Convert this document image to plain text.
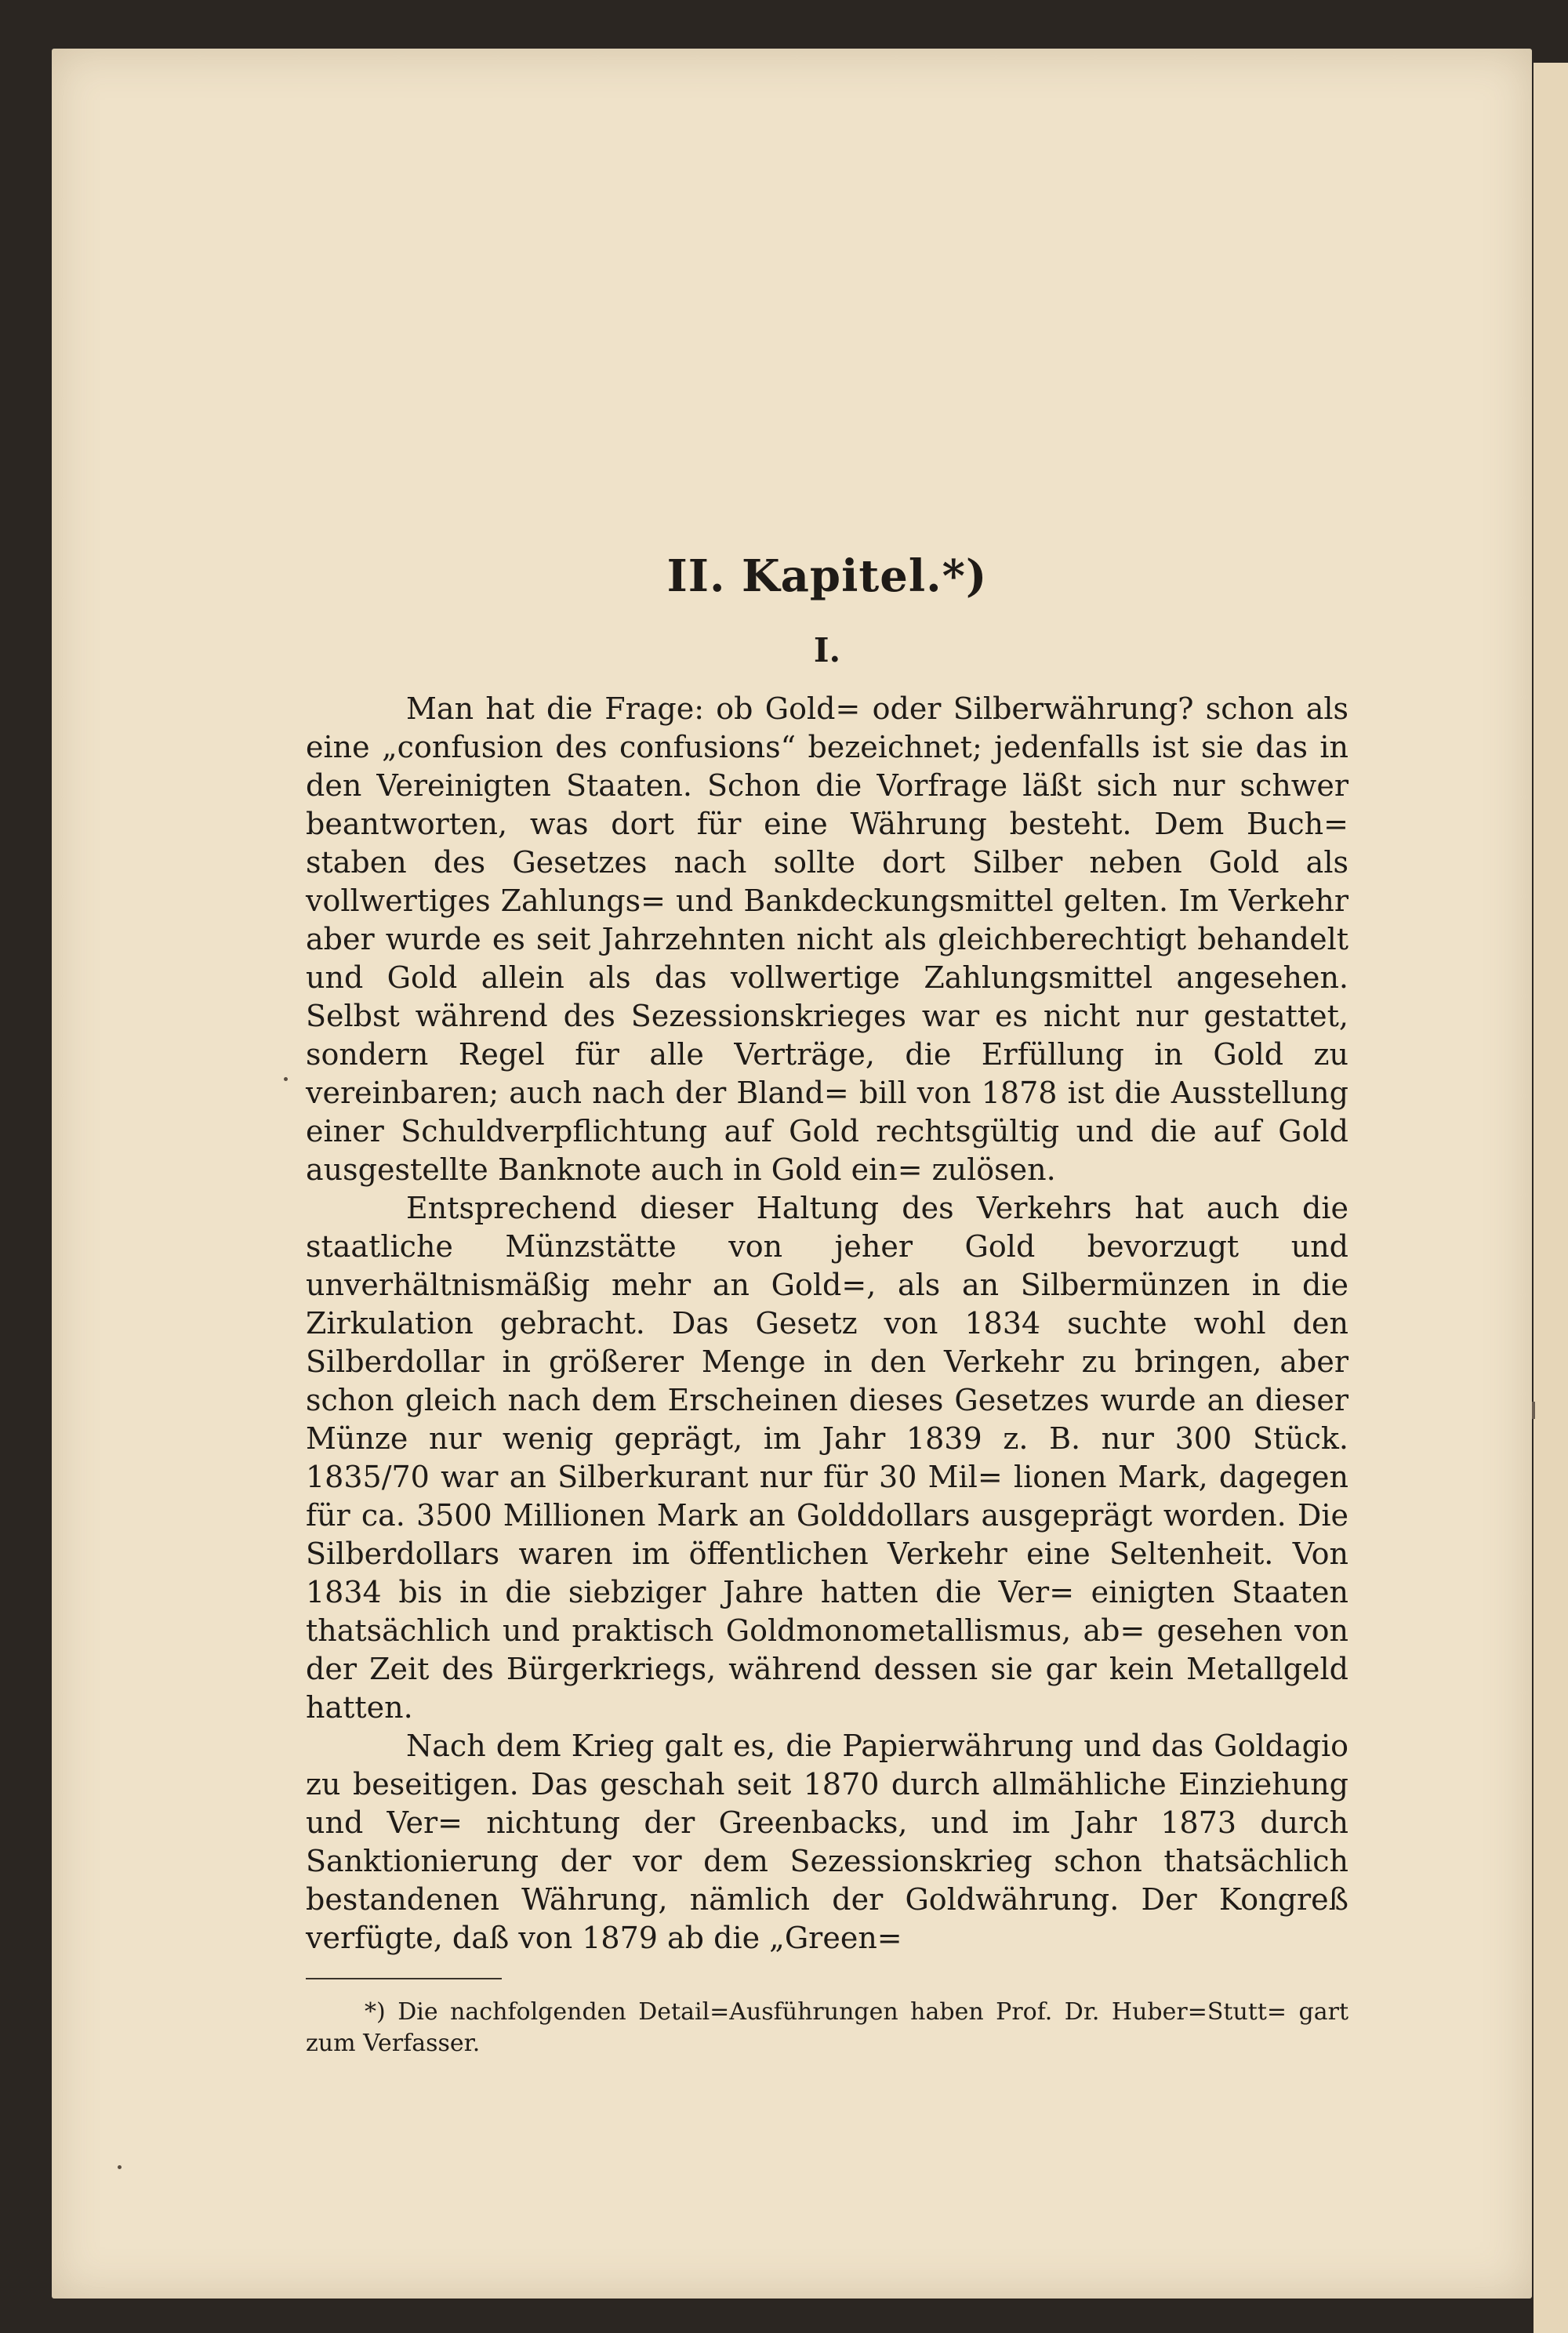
II. Kapitel.*)
I.

Man hat die Frage: ob Gold= oder Silberwährung? schon als eine „confusion des confusions“ bezeichnet; jedenfalls ist sie das in den Vereinigten Staaten. Schon die Vorfrage läßt sich nur schwer beantworten, was dort für eine Währung besteht. Dem Buch= staben des Gesetzes nach sollte dort Silber neben Gold als vollwertiges Zahlungs= und Bankdeckungsmittel gelten. Im Verkehr aber wurde es seit Jahrzehnten nicht als gleichberechtigt behandelt und Gold allein als das vollwertige Zahlungsmittel angesehen. Selbst während des Sezessionskrieges war es nicht nur gestattet, sondern Regel für alle Verträge, die Erfüllung in Gold zu vereinbaren; auch nach der Bland= bill von 1878 ist die Ausstellung einer Schuldverpflichtung auf Gold rechtsgültig und die auf Gold ausgestellte Banknote auch in Gold ein= zulösen.

Entsprechend dieser Haltung des Verkehrs hat auch die staatliche Münzstätte von jeher Gold bevorzugt und unverhältnismäßig mehr an Gold=, als an Silbermünzen in die Zirkulation gebracht. Das Gesetz von 1834 suchte wohl den Silberdollar in größerer Menge in den Verkehr zu bringen, aber schon gleich nach dem Erscheinen dieses Gesetzes wurde an dieser Münze nur wenig geprägt, im Jahr 1839 z. B. nur 300 Stück. 1835/70 war an Silberkurant nur für 30 Mil= lionen Mark, dagegen für ca. 3500 Millionen Mark an Golddollars ausgeprägt worden. Die Silberdollars waren im öffentlichen Verkehr eine Seltenheit. Von 1834 bis in die siebziger Jahre hatten die Ver= einigten Staaten thatsächlich und praktisch Goldmonometallismus, ab= gesehen von der Zeit des Bürgerkriegs, während dessen sie gar kein Metallgeld hatten.

Nach dem Krieg galt es, die Papierwährung und das Goldagio zu beseitigen. Das geschah seit 1870 durch allmähliche Einziehung und Ver= nichtung der Greenbacks, und im Jahr 1873 durch Sanktionierung der vor dem Sezessionskrieg schon thatsächlich bestandenen Währung, nämlich der Goldwährung. Der Kongreß verfügte, daß von 1879 ab die „Green=

*) Die nachfolgenden Detail=Ausführungen haben Prof. Dr. Huber=Stutt= gart zum Verfasser.
